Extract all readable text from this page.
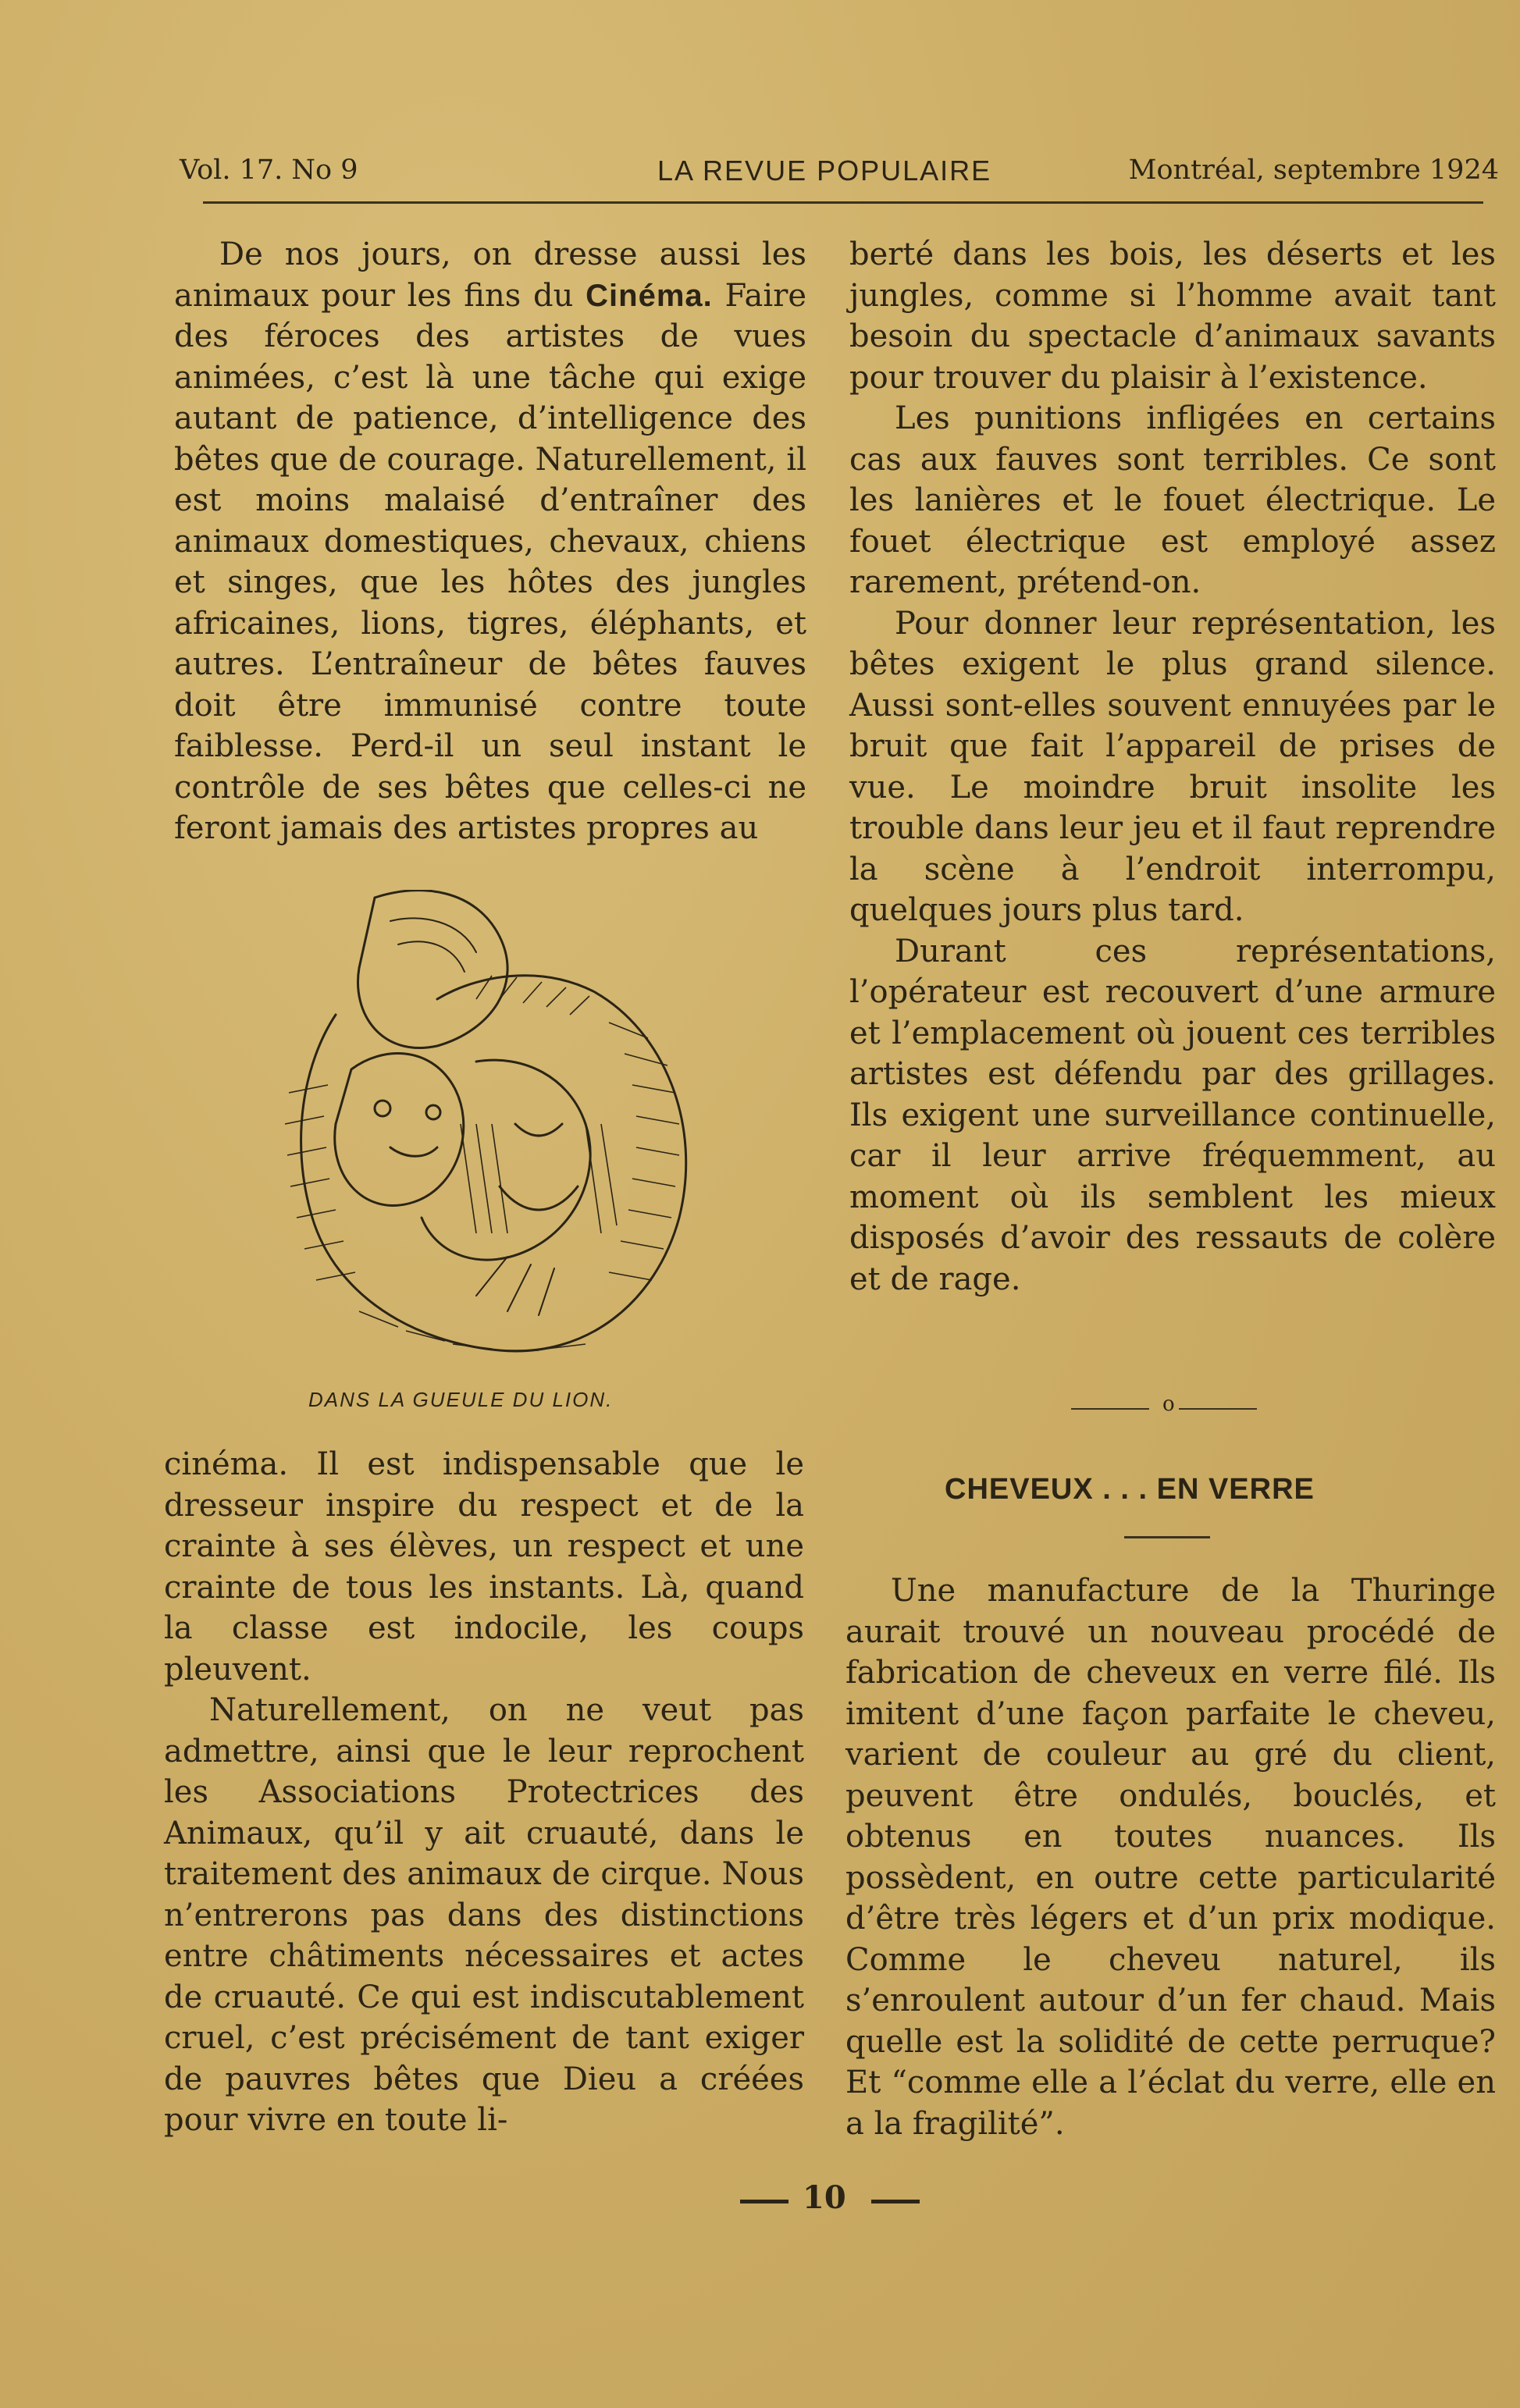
Vol. 17. No 9	LA REVUE POPULAIRE	Montréal, septembre 1924

De nos jours, on dresse aussi les animaux pour les fins du Cinéma. Faire des féroces des artistes de vues animées, c’est là une tâche qui exige autant de patience, d’intelligence des bêtes que de courage. Naturellement, il est moins malaisé d’entraîner des animaux domestiques, chevaux, chiens et singes, que les hôtes des jungles africaines, lions, tigres, éléphants, et autres. L’entraîneur de bêtes fauves doit être immunisé contre toute faiblesse. Perd-il un seul instant le contrôle de ses bêtes que celles-ci ne feront jamais des artistes propres au

DANS LA GUEULE DU LION.

cinéma. Il est indispensable que le dresseur inspire du respect et de la crainte à ses élèves, un respect et une crainte de tous les instants. Là, quand la classe est indocile, les coups pleuvent.

Naturellement, on ne veut pas admettre, ainsi que le leur reprochent les Associations Protectrices des Animaux, qu’il y ait cruauté, dans le traitement des animaux de cirque. Nous n’entrerons pas dans des distinctions entre châtiments nécessaires et actes de cruauté. Ce qui est indiscutablement cruel, c’est précisément de tant exiger de pauvres bêtes que Dieu a créées pour vivre en toute li-

berté dans les bois, les déserts et les jungles, comme si l’homme avait tant besoin du spectacle d’animaux savants pour trouver du plaisir à l’existence.

Les punitions infligées en certains cas aux fauves sont terribles. Ce sont les lanières et le fouet électrique. Le fouet électrique est employé assez rarement, prétend-on.

Pour donner leur représentation, les bêtes exigent le plus grand silence. Aussi sont-elles souvent ennuyées par le bruit que fait l’appareil de prises de vue. Le moindre bruit insolite les trouble dans leur jeu et il faut reprendre la scène à l’endroit interrompu, quelques jours plus tard.

Durant ces représentations, l’opérateur est recouvert d’une armure et l’emplacement où jouent ces terribles artistes est défendu par des grillages. Ils exigent une surveillance continuelle, car il leur arrive fréquemment, au moment où ils semblent les mieux disposés d’avoir des ressauts de colère et de rage.

o
CHEVEUX . . . EN VERRE

Une manufacture de la Thuringe aurait trouvé un nouveau procédé de fabrication de cheveux en verre filé. Ils imitent d’une façon parfaite le cheveu, varient de couleur au gré du client, peuvent être ondulés, bouclés, et obtenus en toutes nuances. Ils possèdent, en outre cette particularité d’être très légers et d’un prix modique. Comme le cheveu naturel, ils s’enroulent autour d’un fer chaud. Mais quelle est la solidité de cette perruque? Et “comme elle a l’éclat du verre, elle en a la fragilité”.

10
